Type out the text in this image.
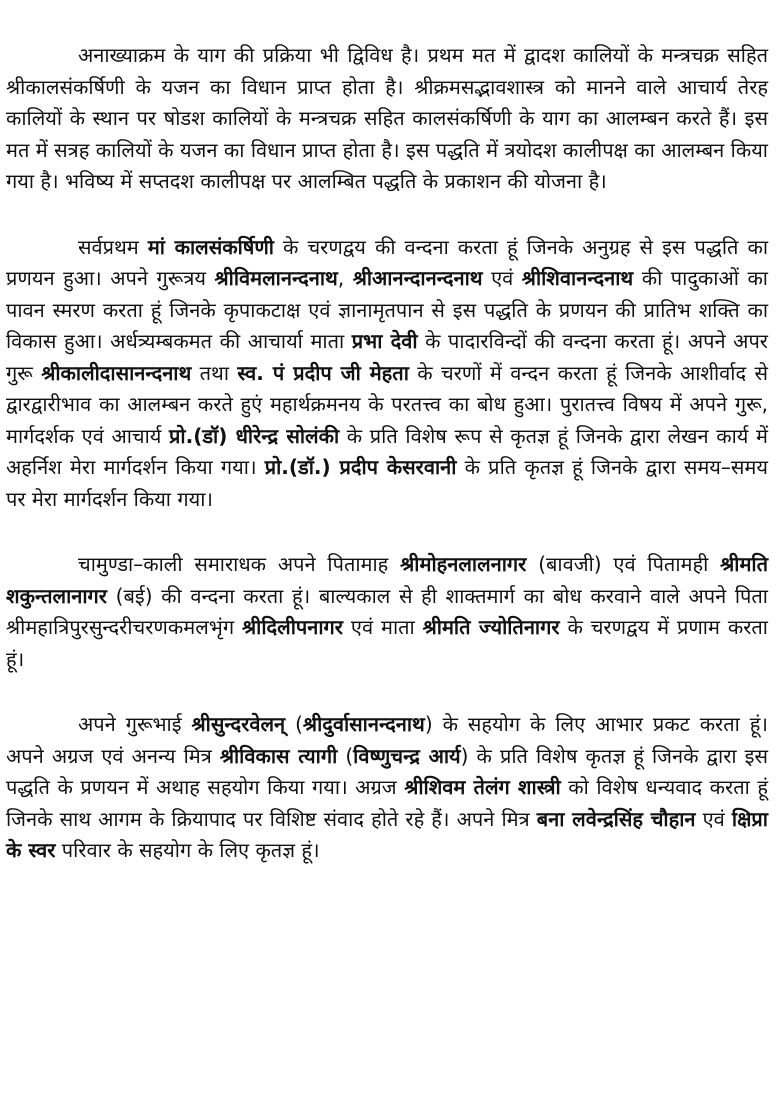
अनाख्याक्रम के याग की प्रक्रिया भी द्विविध है। प्रथम मत में द्वादश कालियों के मन्त्रचक्र सहित श्रीकालसंकर्षिणी के यजन का विधान प्राप्त होता है। श्रीक्रमसद्भावशास्त्र को मानने वाले आचार्य तेरह कालियों के स्थान पर षोडश कालियों के मन्त्रचक्र सहित कालसंकर्षिणी के याग का आलम्बन करते हैं। इस मत में सत्रह कालियों के यजन का विधान प्राप्त होता है। इस पद्धति में त्रयोदश कालीपक्ष का आलम्बन किया गया है। भविष्य में सप्तदश कालीपक्ष पर आलम्बित पद्धति के प्रकाशन की योजना है।

सर्वप्रथम मां कालसंकर्षिणी के चरणद्वय की वन्दना करता हूं जिनके अनुग्रह से इस पद्धति का प्रणयन हुआ। अपने गुरूत्रय श्रीविमलानन्दनाथ, श्रीआनन्दानन्दनाथ एवं श्रीशिवानन्दनाथ की पादुकाओं का पावन स्मरण करता हूं जिनके कृपाकटाक्ष एवं ज्ञानामृतपान से इस पद्धति के प्रणयन की प्रातिभ शक्ति का विकास हुआ। अर्धत्र्यम्बकमत की आचार्या माता प्रभा देवी के पादारविन्दों की वन्दना करता हूं। अपने अपर गुरू श्रीकालीदासानन्दनाथ तथा स्व. पं प्रदीप जी मेहता के चरणों में वन्दन करता हूं जिनके आशीर्वाद से द्वारद्वारीभाव का आलम्बन करते हुएं महार्थक्रमनय के परतत्त्व का बोध हुआ। पुरातत्त्व विषय में अपने गुरू, मार्गदर्शक एवं आचार्य प्रो.(डॉ) धीरेन्द्र सोलंकी के प्रति विशेष रूप से कृतज्ञ हूं जिनके द्वारा लेखन कार्य में अहर्निश मेरा मार्गदर्शन किया गया। प्रो.(डॉ.) प्रदीप केसरवानी के प्रति कृतज्ञ हूं जिनके द्वारा समय–समय पर मेरा मार्गदर्शन किया गया।

चामुण्डा–काली समाराधक अपने पितामाह श्रीमोहनलालनागर (बावजी) एवं पितामही श्रीमति शकुन्तलानागर (बई) की वन्दना करता हूं। बाल्यकाल से ही शाक्तमार्ग का बोध करवाने वाले अपने पिता श्रीमहात्रिपुरसुन्दरीचरणकमलभृंग श्रीदिलीपनागर एवं माता श्रीमति ज्योतिनागर के चरणद्वय में प्रणाम करता हूं।

अपने गुरूभाई श्रीसुन्दरवेलन् (श्रीदुर्वासानन्दनाथ) के सहयोग के लिए आभार प्रकट करता हूं। अपने अग्रज एवं अनन्य मित्र श्रीविकास त्यागी (विष्णुचन्द्र आर्य) के प्रति विशेष कृतज्ञ हूं जिनके द्वारा इस पद्धति के प्रणयन में अथाह सहयोग किया गया। अग्रज श्रीशिवम तेलंग शास्त्री को विशेष धन्यवाद करता हूं जिनके साथ आगम के क्रियापाद पर विशिष्ट संवाद होते रहे हैं। अपने मित्र बना लवेन्द्रसिंह चौहान एवं क्षिप्रा के स्वर परिवार के सहयोग के लिए कृतज्ञ हूं।
